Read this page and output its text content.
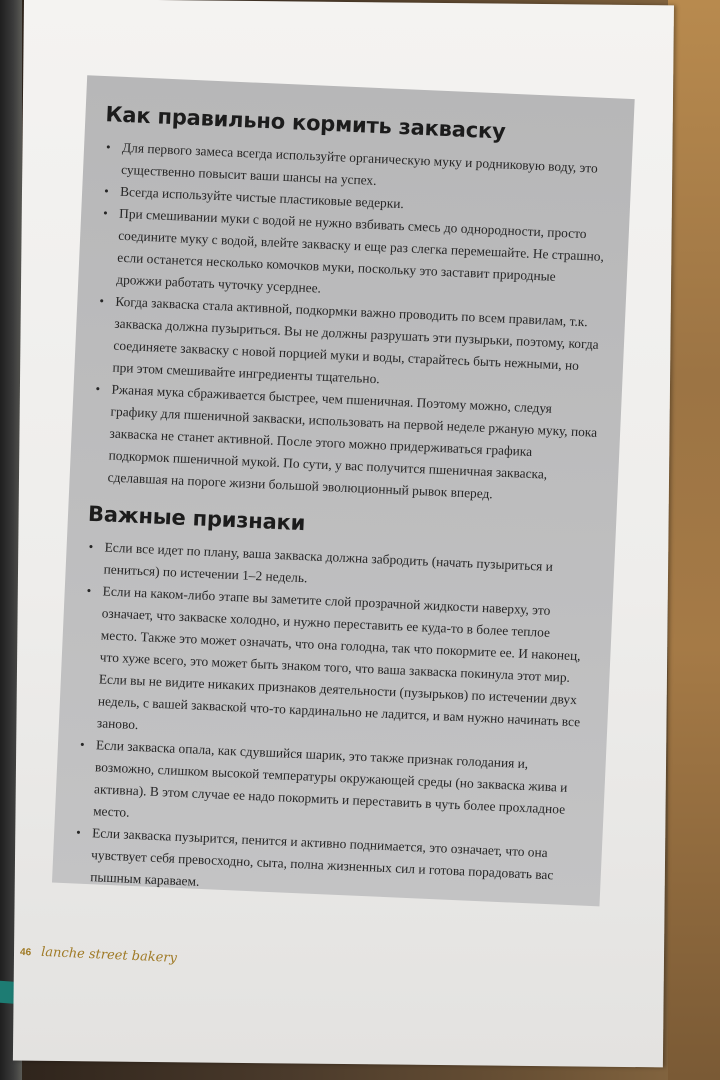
Как правильно кормить закваску
• Для первого замеса всегда используйте органическую муку и родниковую воду, это существенно повысит ваши шансы на успех.
• Всегда используйте чистые пластиковые ведерки.
• При смешивании муки с водой не нужно взбивать смесь до однородности, просто соедините муку с водой, влейте закваску и еще раз слегка перемешайте. Не страшно, если останется несколько комочков муки, поскольку это заставит природные дрожжи работать чуточку усерднее.
• Когда закваска стала активной, подкормки важно проводить по всем правилам, т.к. закваска должна пузыриться. Вы не должны разрушать эти пузырьки, поэтому, когда соединяете закваску с новой порцией муки и воды, старайтесь быть нежными, но при этом смешивайте ингредиенты тщательно.
• Ржаная мука сбраживается быстрее, чем пшеничная. Поэтому можно, следуя графику для пшеничной закваски, использовать на первой неделе ржаную муку, пока закваска не станет активной. После этого можно придерживаться графика подкормок пшеничной мукой. По сути, у вас получится пшеничная закваска, сделавшая на пороге жизни большой эволюционный рывок вперед.
Важные признаки
• Если все идет по плану, ваша закваска должна забродить (начать пузыриться и пениться) по истечении 1–2 недель.
• Если на каком-либо этапе вы заметите слой прозрачной жидкости наверху, это означает, что закваске холодно, и нужно переставить ее куда-то в более теплое место. Также это может означать, что она голодна, так что покормите ее. И наконец, что хуже всего, это может быть знаком того, что ваша закваска покинула этот мир. Если вы не видите никаких признаков деятельности (пузырьков) по истечении двух недель, с вашей закваской что-то кардинально не ладится, и вам нужно начинать все заново.
• Если закваска опала, как сдувшийся шарик, это также признак голодания и, возможно, слишком высокой температуры окружающей среды (но закваска жива и активна). В этом случае ее надо покормить и переставить в чуть более прохладное место.
• Если закваска пузырится, пенится и активно поднимается, это означает, что она чувствует себя превосходно, сыта, полна жизненных сил и готова порадовать вас пышным караваем.
46 lanche street bakery
